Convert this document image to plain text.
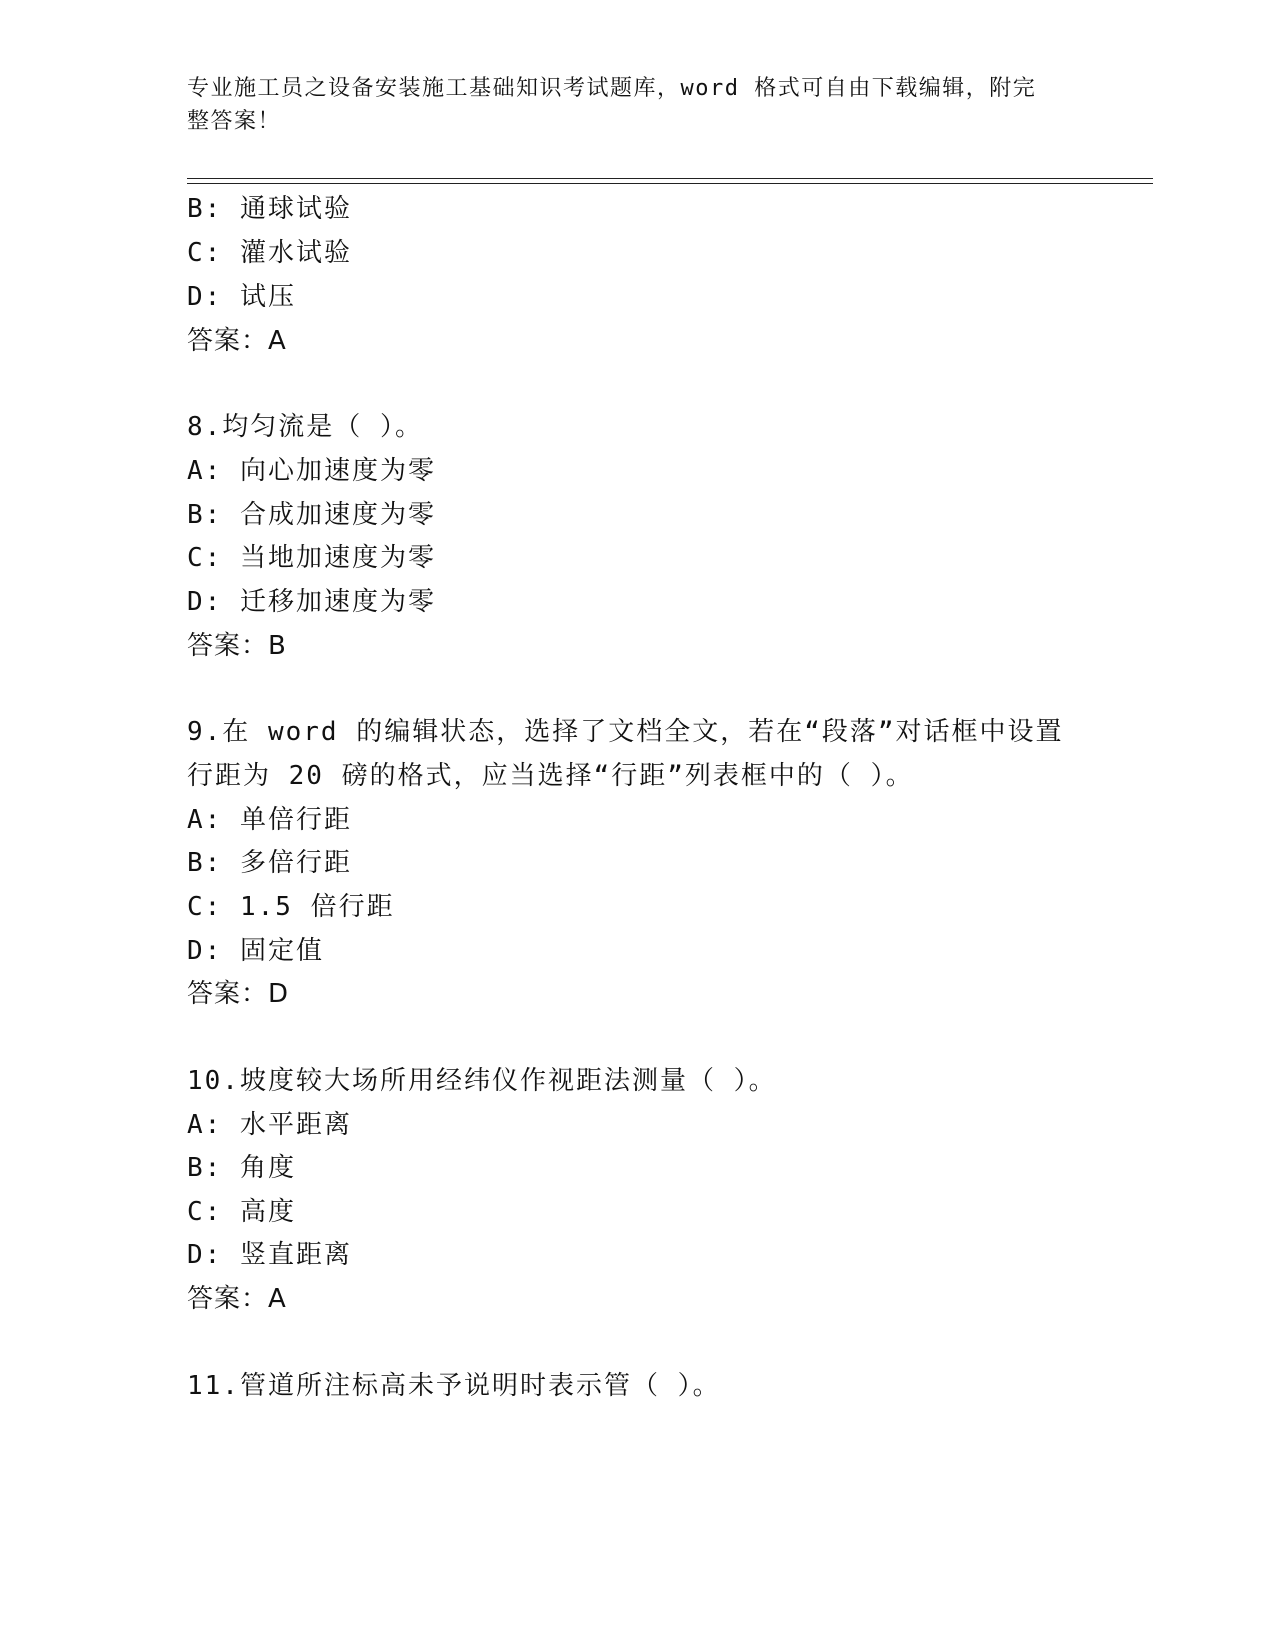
专业施工员之设备安装施工基础知识考试题库，word 格式可自由下载编辑，附完
整答案！
B: 通球试验
C: 灌水试验
D: 试压
答案：A
8.均匀流是（ ）。
A: 向心加速度为零
B: 合成加速度为零
C: 当地加速度为零
D: 迁移加速度为零
答案：B
9.在 word 的编辑状态，选择了文档全文，若在“段落”对话框中设置
行距为 20 磅的格式，应当选择“行距”列表框中的（ ）。
A: 单倍行距
B: 多倍行距
C: 1.5 倍行距
D: 固定值
答案：D
10.坡度较大场所用经纬仪作视距法测量（ ）。
A: 水平距离
B: 角度
C: 高度
D: 竖直距离
答案：A
11.管道所注标高未予说明时表示管（ ）。
